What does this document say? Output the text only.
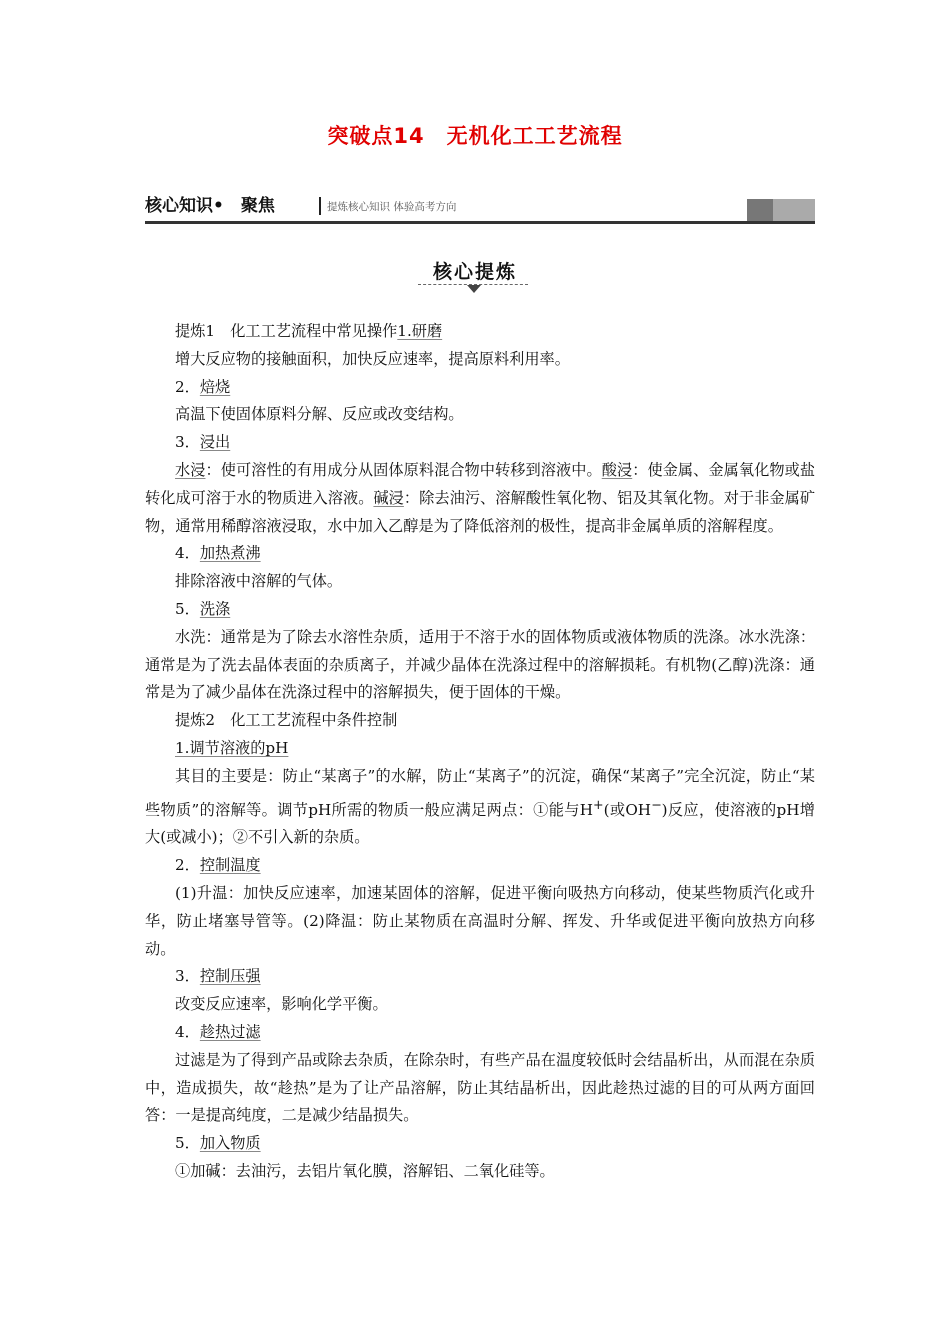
突破点14　无机化工工艺流程
核心知识•　聚焦	提炼核心知识 体验高考方向
核心提炼

提炼1　化工工艺流程中常见操作1.研磨

增大反应物的接触面积，加快反应速率，提高原料利用率。

2．焙烧

高温下使固体原料分解、反应或改变结构。

3．浸出

水浸：使可溶性的有用成分从固体原料混合物中转移到溶液中。酸浸：使金属、金属氧化物或盐转化成可溶于水的物质进入溶液。碱浸：除去油污、溶解酸性氧化物、铝及其氧化物。对于非金属矿物，通常用稀醇溶液浸取，水中加入乙醇是为了降低溶剂的极性，提高非金属单质的溶解程度。

4．加热煮沸

排除溶液中溶解的气体。

5．洗涤

水洗：通常是为了除去水溶性杂质，适用于不溶于水的固体物质或液体物质的洗涤。冰水洗涤：通常是为了洗去晶体表面的杂质离子，并减少晶体在洗涤过程中的溶解损耗。有机物(乙醇)洗涤：通常是为了减少晶体在洗涤过程中的溶解损失，便于固体的干燥。

提炼2　化工工艺流程中条件控制

1.调节溶液的pH

其目的主要是：防止“某离子”的水解，防止“某离子”的沉淀，确保“某离子”完全沉淀，防止“某些物质”的溶解等。调节pH所需的物质一般应满足两点：①能与H+(或OH−)反应，使溶液的pH增大(或减小)；②不引入新的杂质。

2．控制温度

(1)升温：加快反应速率，加速某固体的溶解，促进平衡向吸热方向移动，使某些物质汽化或升华，防止堵塞导管等。(2)降温：防止某物质在高温时分解、挥发、升华或促进平衡向放热方向移动。

3．控制压强

改变反应速率，影响化学平衡。

4．趁热过滤

过滤是为了得到产品或除去杂质，在除杂时，有些产品在温度较低时会结晶析出，从而混在杂质中，造成损失，故“趁热”是为了让产品溶解，防止其结晶析出，因此趁热过滤的目的可从两方面回答：一是提高纯度，二是减少结晶损失。

5．加入物质

①加碱：去油污，去铝片氧化膜，溶解铝、二氧化硅等。
